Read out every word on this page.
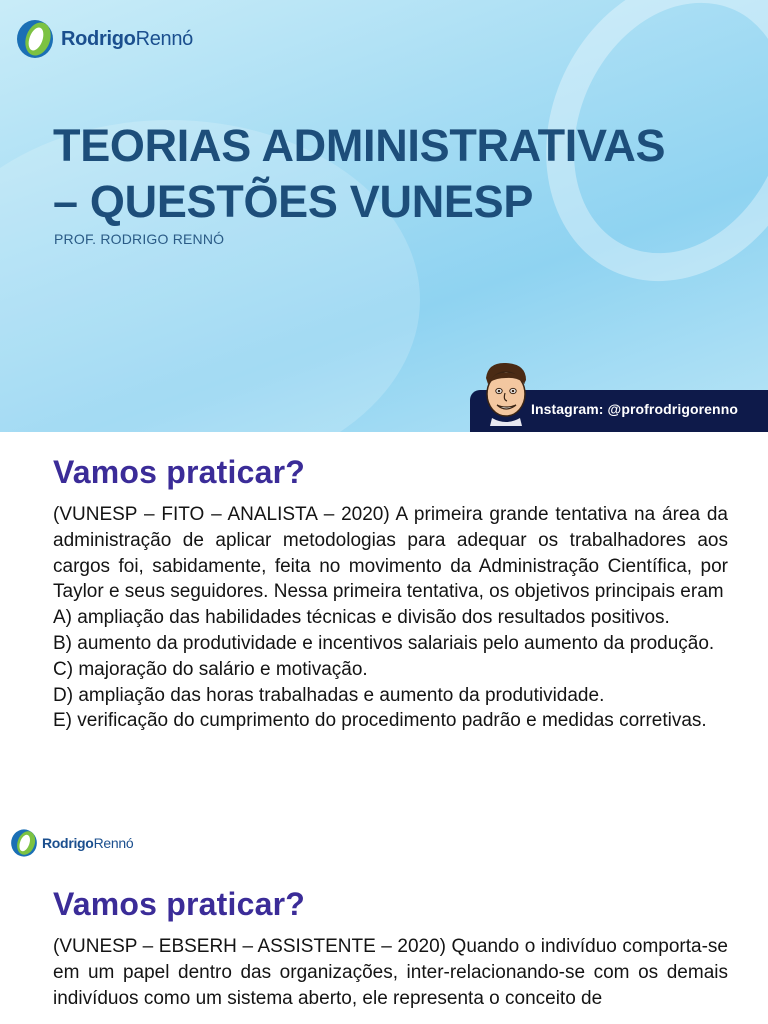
RodrigoRennó
TEORIAS ADMINISTRATIVAS
– QUESTÕES VUNESP

PROF. RODRIGO RENNÓ

Instagram: @profrodrigorenno
Vamos praticar?

(VUNESP – FITO – ANALISTA – 2020) A primeira grande tentativa na área da administração de aplicar metodologias para adequar os trabalhadores aos cargos foi, sabidamente, feita no movimento da Administração Científica, por Taylor e seus seguidores. Nessa primeira tentativa, os objetivos principais eram

A) ampliação das habilidades técnicas e divisão dos resultados positivos.

B) aumento da produtividade e incentivos salariais pelo aumento da produção.

C) majoração do salário e motivação.

D) ampliação das horas trabalhadas e aumento da produtividade.

E) verificação do cumprimento do procedimento padrão e medidas corretivas.

RodrigoRennó
Vamos praticar?

(VUNESP – EBSERH – ASSISTENTE – 2020) Quando o indivíduo comporta-se em um papel dentro das organizações, inter-relacionando-se com os demais indivíduos como um sistema aberto, ele representa o conceito de
